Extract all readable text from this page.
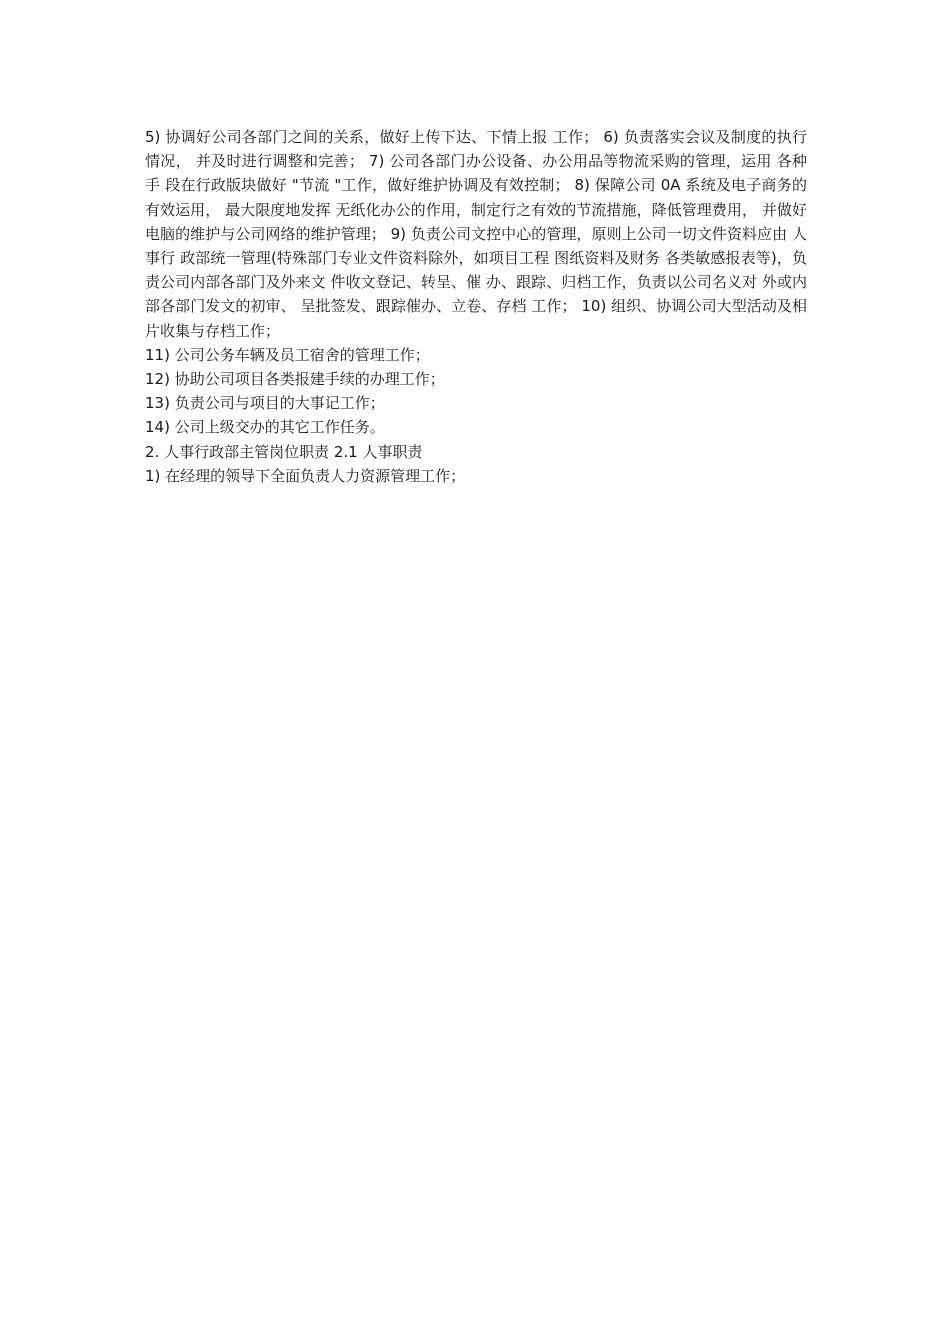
5) 协调好公司各部门之间的关系，做好上传下达、下情上报 工作； 6) 负责落实会议及制度的执行情况， 并及时进行调整和完善； 7) 公司各部门办公设备、办公用品等物流采购的管理，运用 各种手 段在行政版块做好 "节流 "工作，做好维护协调及有效控制； 8) 保障公司 0A 系统及电子商务的有效运用， 最大限度地发挥 无纸化办公的作用，制定行之有效的节流措施，降低管理费用， 并做好 电脑的维护与公司网络的维护管理； 9) 负责公司文控中心的管理，原则上公司一切文件资料应由 人事行 政部统一管理(特殊部门专业文件资料除外，如项目工程 图纸资料及财务 各类敏感报表等)，负责公司内部各部门及外来文 件收文登记、转呈、催 办、跟踪、归档工作，负责以公司名义对 外或内部各部门发文的初审、 呈批签发、跟踪催办、立卷、存档 工作； 10) 组织、协调公司大型活动及相片收集与存档工作；

11) 公司公务车辆及员工宿舍的管理工作；

12) 协助公司项目各类报建手续的办理工作；

13) 负责公司与项目的大事记工作；

14) 公司上级交办的其它工作任务。

2. 人事行政部主管岗位职责 2.1 人事职责

1) 在经理的领导下全面负责人力资源管理工作；
